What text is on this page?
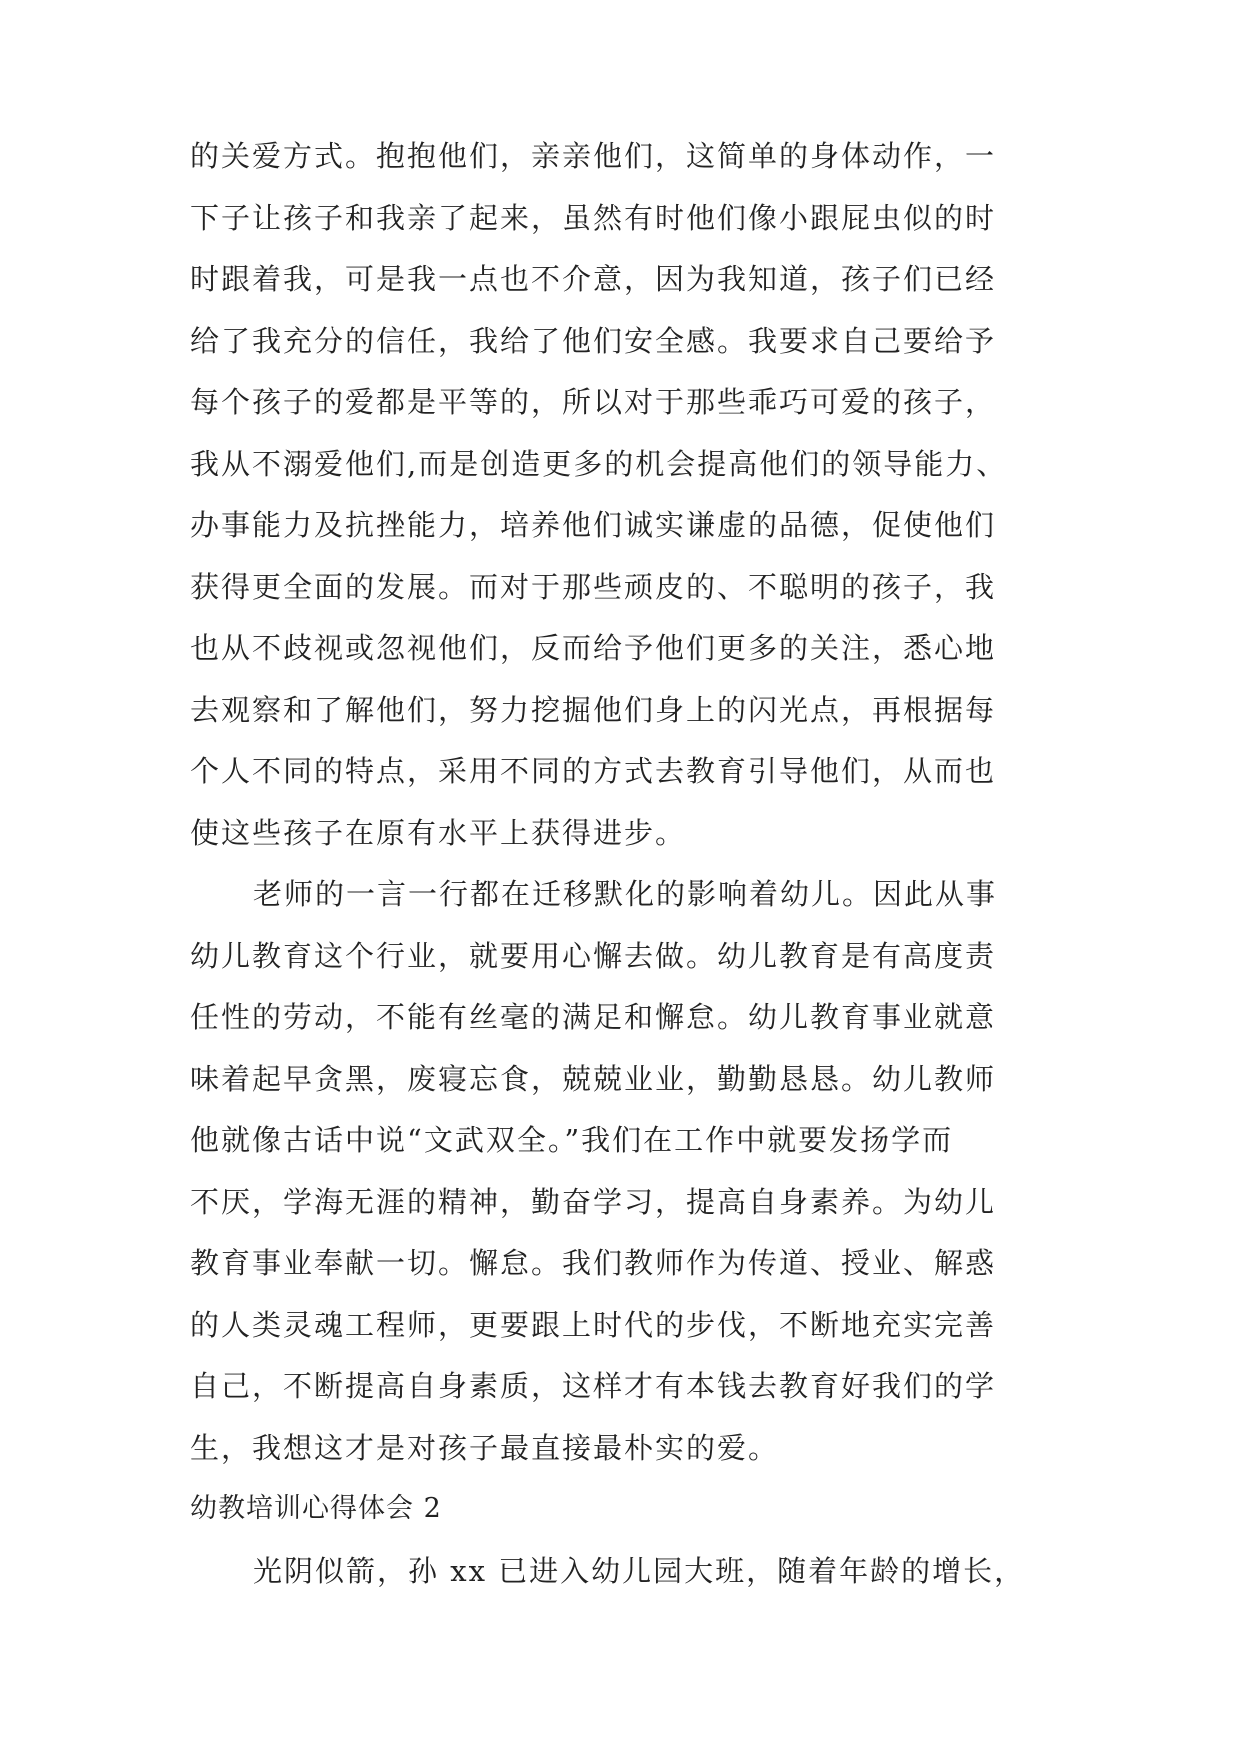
的关爱方式。抱抱他们，亲亲他们，这简单的身体动作，一
下子让孩子和我亲了起来，虽然有时他们像小跟屁虫似的时
时跟着我，可是我一点也不介意，因为我知道，孩子们已经
给了我充分的信任，我给了他们安全感。我要求自己要给予
每个孩子的爱都是平等的，所以对于那些乖巧可爱的孩子，
我从不溺爱他们,而是创造更多的机会提高他们的领导能力、
办事能力及抗挫能力，培养他们诚实谦虚的品德，促使他们
获得更全面的发展。而对于那些顽皮的、不聪明的孩子，我
也从不歧视或忽视他们，反而给予他们更多的关注，悉心地
去观察和了解他们，努力挖掘他们身上的闪光点，再根据每
个人不同的特点，采用不同的方式去教育引导他们，从而也
使这些孩子在原有水平上获得进步。
老师的一言一行都在迁移默化的影响着幼儿。因此从事
幼儿教育这个行业，就要用心懈去做。幼儿教育是有高度责
任性的劳动，不能有丝毫的满足和懈怠。幼儿教育事业就意
味着起早贪黑，废寝忘食，兢兢业业，勤勤恳恳。幼儿教师
他就像古话中说“文武双全。”我们在工作中就要发扬学而
不厌，学海无涯的精神，勤奋学习，提高自身素养。为幼儿
教育事业奉献一切。懈怠。我们教师作为传道、授业、解惑
的人类灵魂工程师，更要跟上时代的步伐，不断地充实完善
自己，不断提高自身素质，这样才有本钱去教育好我们的学
生，我想这才是对孩子最直接最朴实的爱。
幼教培训心得体会 2
光阴似箭，孙 xx 已进入幼儿园大班，随着年龄的增长，
